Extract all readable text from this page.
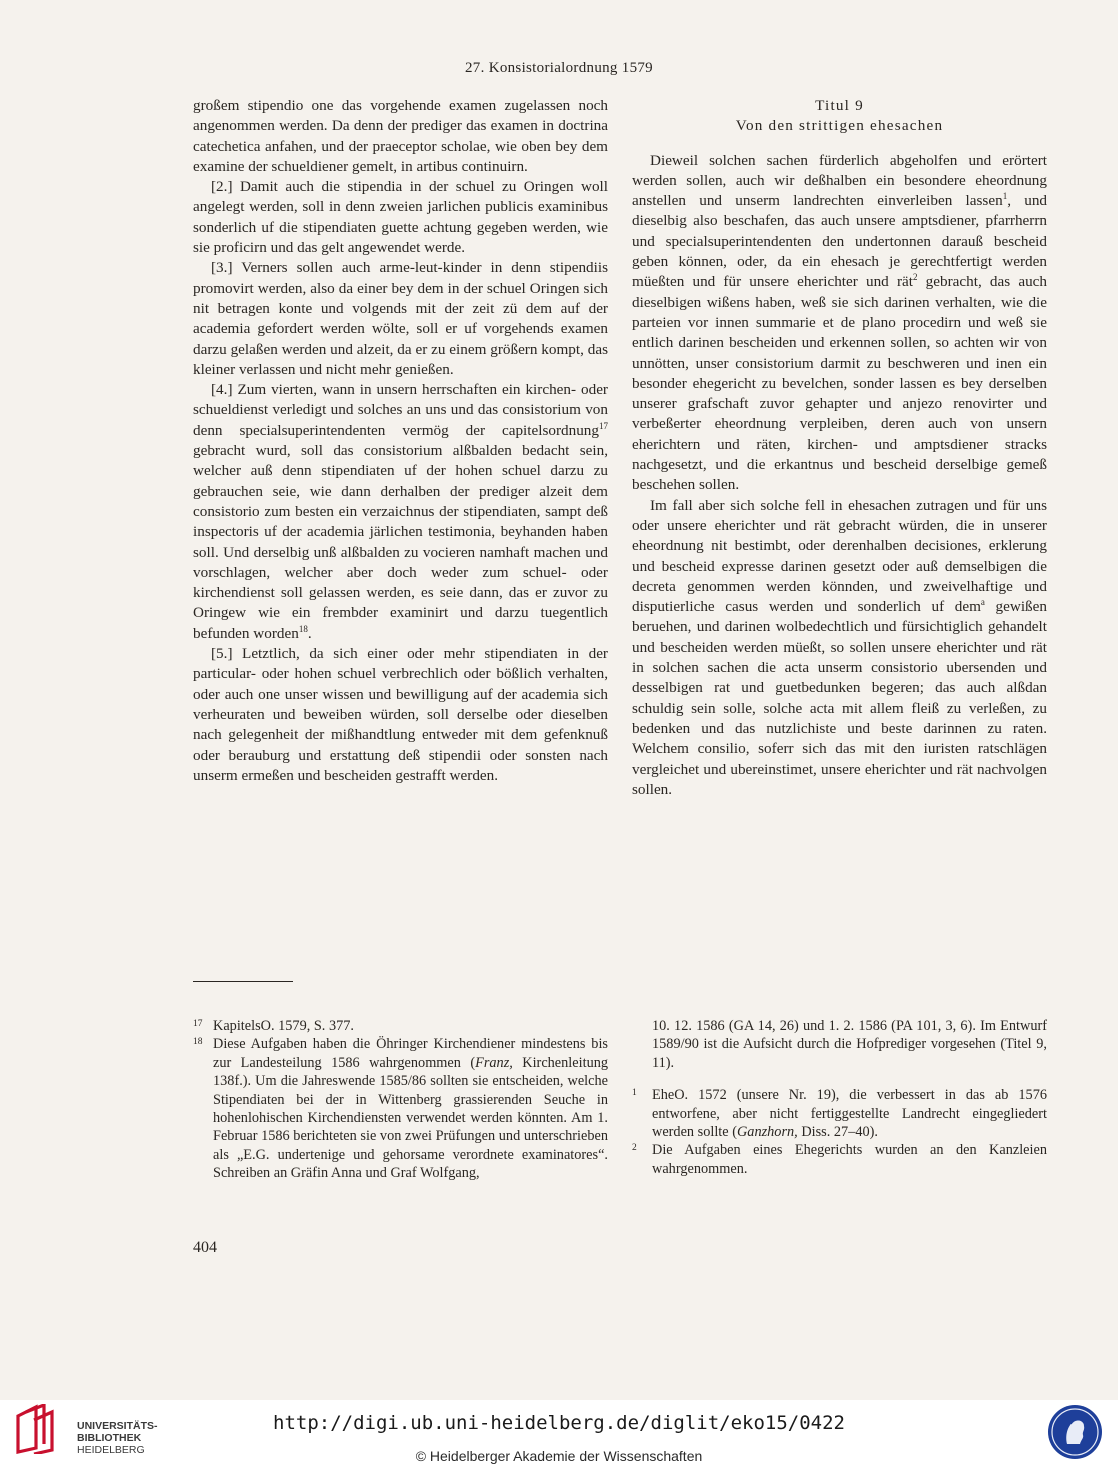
27. Konsistorialordnung 1579

großem stipendio one das vorgehende examen zugelassen noch angenommen werden. Da denn der prediger das examen in doctrina catechetica anfahen, und der praeceptor scholae, wie oben bey dem examine der schueldiener gemelt, in artibus continuirn.

[2.] Damit auch die stipendia in der schuel zu Oringen woll angelegt werden, soll in denn zweien jarlichen publicis examinibus sonderlich uf die stipendiaten guette achtung gegeben werden, wie sie proficirn und das gelt angewendet werde.

[3.] Verners sollen auch arme-leut-kinder in denn stipendiis promovirt werden, also da einer bey dem in der schuel Oringen sich nit betragen konte und volgends mit der zeit zü dem auf der academia gefordert werden wölte, soll er uf vorgehends examen darzu gelaßen werden und alzeit, da er zu einem größern kompt, das kleiner verlassen und nicht mehr genießen.

[4.] Zum vierten, wann in unsern herrschaften ein kirchen- oder schueldienst verledigt und solches an uns und das consistorium von denn specialsuperintendenten vermög der capitelsordnung$^{17}$ gebracht wurd, soll das consistorium alßbalden bedacht sein, welcher auß denn stipendiaten uf der hohen schuel darzu zu gebrauchen seie, wie dann derhalben der prediger alzeit dem consistorio zum besten ein verzaichnus der stipendiaten, sampt deß inspectoris uf der academia järlichen testimonia, beyhanden haben soll. Und derselbig unß alßbalden zu vocieren namhaft machen und vorschlagen, welcher aber doch weder zum schuel- oder kirchendienst soll gelassen werden, es seie dann, das er zuvor zu Oringew wie ein frembder examinirt und darzu tuegentlich befunden worden$^{18}$.

[5.] Letztlich, da sich einer oder mehr stipendiaten in der particular- oder hohen schuel verbrechlich oder bößlich verhalten, oder auch one unser wissen und bewilligung auf der academia sich verheuraten und beweiben würden, soll derselbe oder dieselben nach gelegenheit der mißhandtlung entweder mit dem gefenknuß oder berauburg und erstattung deß stipendii oder sonsten nach unserm ermeßen und bescheiden gestrafft werden.

Titul 9
Von den strittigen ehesachen

Dieweil solchen sachen fürderlich abgeholfen und erörtert werden sollen, auch wir deßhalben ein besondere eheordnung anstellen und unserm landrechten einverleiben lassen$^1$, und dieselbig also beschafen, das auch unsere amptsdiener, pfarrherrn und specialsuperintendenten den undertonnen darauß bescheid geben können, oder, da ein ehesach je gerechtfertigt werden müeßten und für unsere eherichter und rät$^2$ gebracht, das auch dieselbigen wißens haben, weß sie sich darinen verhalten, wie die parteien vor innen summarie et de plano procedirn und weß sie entlich darinen bescheiden und erkennen sollen, so achten wir von unnötten, unser consistorium darmit zu beschweren und inen ein besonder ehegericht zu bevelchen, sonder lassen es bey derselben unserer grafschaft zuvor gehapter und anjezo renovirter und verbeßerter eheordnung verpleiben, deren auch von unsern eherichtern und räten, kirchen- und amptsdiener stracks nachgesetzt, und die erkantnus und bescheid derselbige gemeß beschehen sollen.

Im fall aber sich solche fell in ehesachen zutragen und für uns oder unsere eherichter und rät gebracht würden, die in unserer eheordnung nit bestimbt, oder derenhalben decisiones, erklerung und bescheid expresse darinen gesetzt oder auß demselbigen die decreta genommen werden könnden, und zweivelhaftige und disputierliche casus werden und sonderlich uf dem$^a$ gewißen beruehen, und darinen wolbedechtlich und fürsichtiglich gehandelt und bescheiden werden müeßt, so sollen unsere eherichter und rät in solchen sachen die acta unserm consistorio ubersenden und desselbigen rat und guetbedunken begeren; das auch alßdan schuldig sein solle, solche acta mit allem fleiß zu verleßen, zu bedenken und das nutzlichiste und beste darinnen zu raten. Welchem consilio, soferr sich das mit den iuristen ratschlägen vergleichet und ubereinstimet, unsere eherichter und rät nachvolgen sollen.

17 KapitelsO. 1579, S. 377.

18 Diese Aufgaben haben die Öhringer Kirchendiener mindestens bis zur Landesteilung 1586 wahrgenommen (Franz, Kirchenleitung 138f.). Um die Jahreswende 1585/86 sollten sie entscheiden, welche Stipendiaten bei der in Wittenberg grassierenden Seuche in hohenlohischen Kirchendiensten verwendet werden könnten. Am 1. Februar 1586 berichteten sie von zwei Prüfungen und unterschrieben als „E.G. undertenige und gehorsame verordnete examinatores“. Schreiben an Gräfin Anna und Graf Wolfgang,

10. 12. 1586 (GA 14, 26) und 1. 2. 1586 (PA 101, 3, 6). Im Entwurf 1589/90 ist die Aufsicht durch die Hofprediger vorgesehen (Titel 9, 11).

1 EheO. 1572 (unsere Nr. 19), die verbessert in das ab 1576 entworfene, aber nicht fertiggestellte Landrecht eingegliedert werden sollte (Ganzhorn, Diss. 27–40).

2 Die Aufgaben eines Ehegerichts wurden an den Kanzleien wahrgenommen.

404
UNIVERSITÄTS-
BIBLIOTHEK
HEIDELBERG
http://digi.ub.uni-heidelberg.de/diglit/eko15/0422
© Heidelberger Akademie der Wissenschaften
